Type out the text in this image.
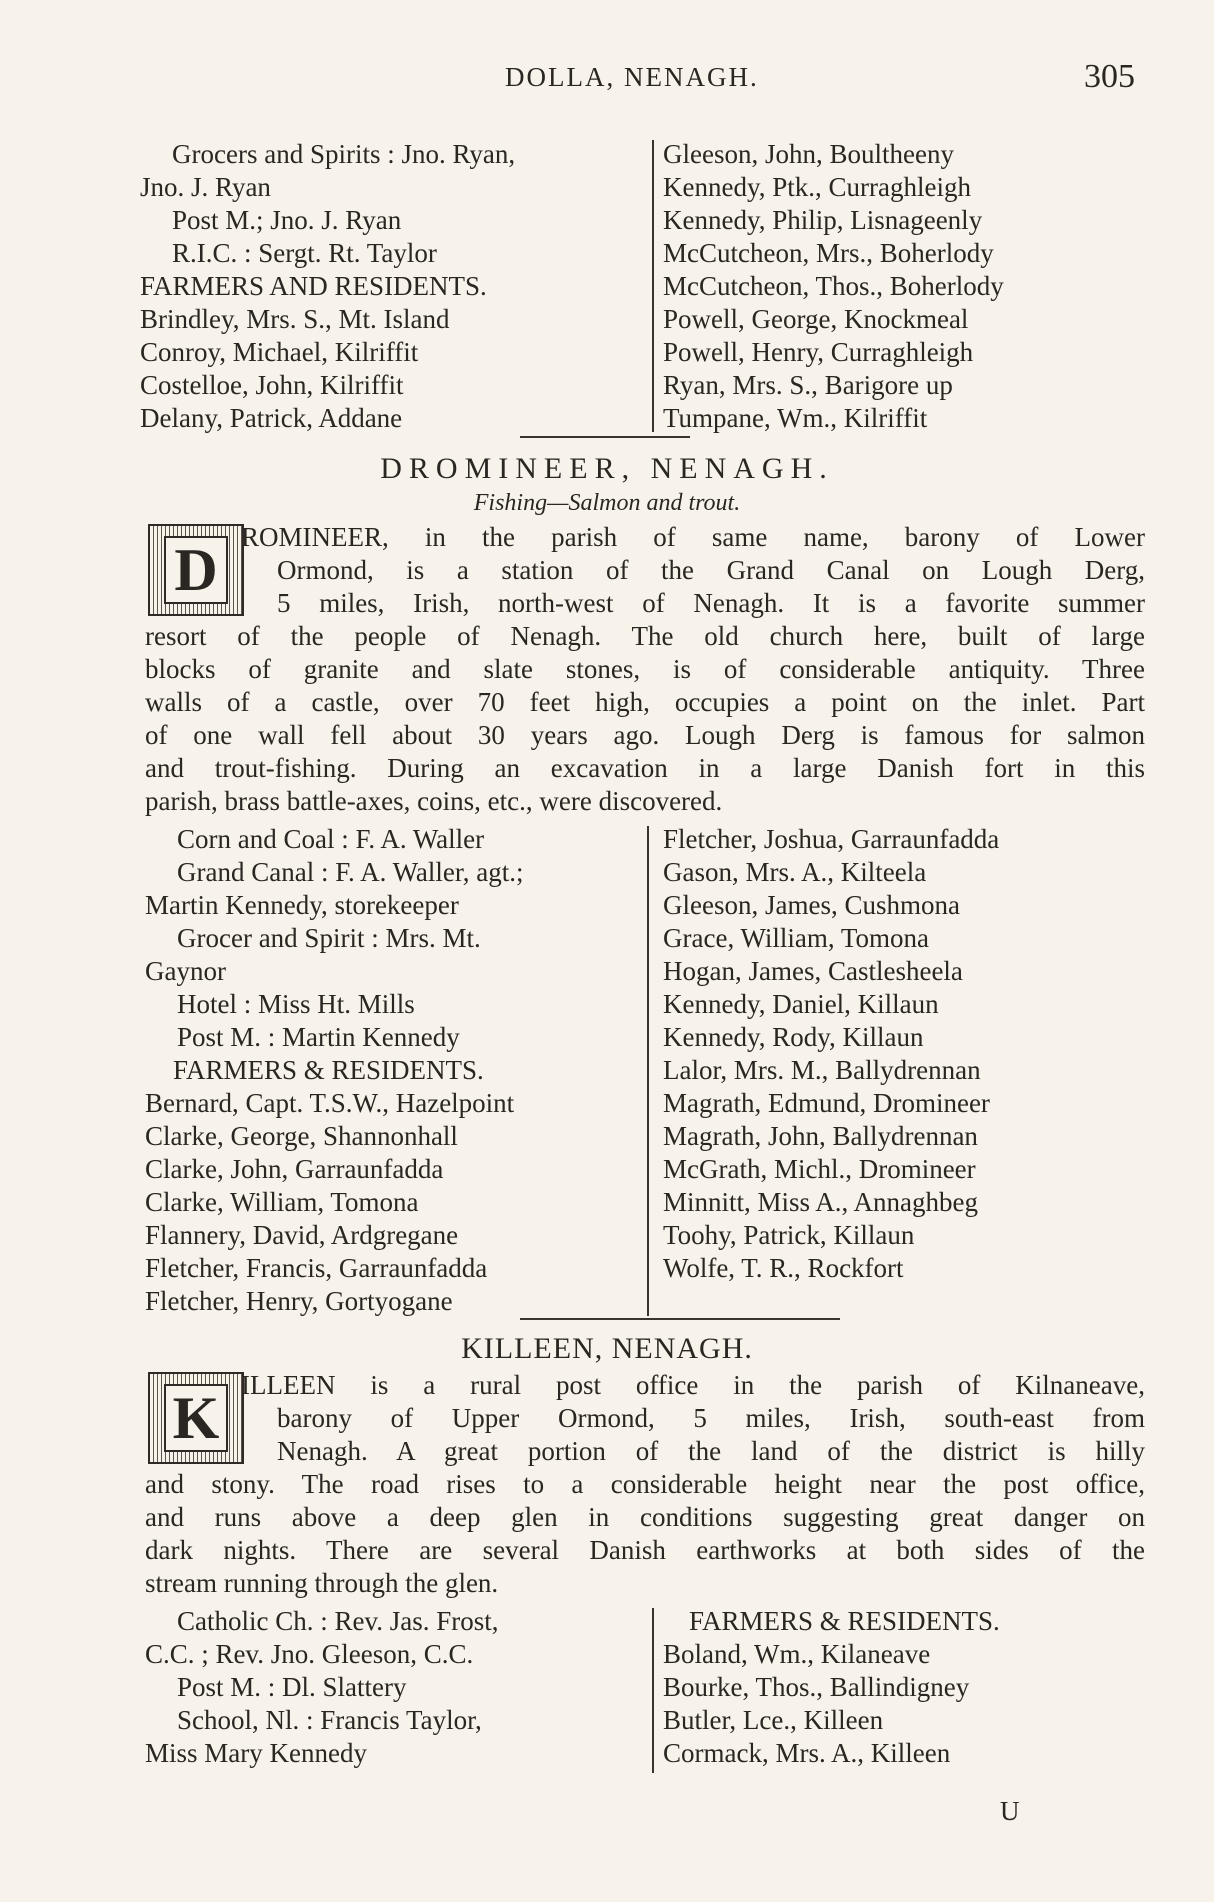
DOLLA, NENAGH.	305
Grocers and Spirits : Jno. Ryan,
Jno. J. Ryan
Post M.; Jno. J. Ryan
R.I.C. : Sergt. Rt. Taylor
FARMERS AND RESIDENTS.
Brindley, Mrs. S., Mt. Island
Conroy, Michael, Kilriffit
Costelloe, John, Kilriffit
Delany, Patrick, Addane
Gleeson, John, Boultheeny
Kennedy, Ptk., Curraghleigh
Kennedy, Philip, Lisnageenly
McCutcheon, Mrs., Boherlody
McCutcheon, Thos., Boherlody
Powell, George, Knockmeal
Powell, Henry, Curraghleigh
Ryan, Mrs. S., Barigore up
Tumpane, Wm., Kilriffit
DROMINEER, NENAGH.
Fishing—Salmon and trout.
D ROMINEER, in the parish of same name, barony of Lower
Ormond, is a station of the Grand Canal on Lough Derg,
5 miles, Irish, north-west of Nenagh. It is a favorite summer
resort of the people of Nenagh. The old church here, built of large
blocks of granite and slate stones, is of considerable antiquity. Three
walls of a castle, over 70 feet high, occupies a point on the inlet. Part
of one wall fell about 30 years ago. Lough Derg is famous for salmon
and trout-fishing. During an excavation in a large Danish fort in this
parish, brass battle-axes, coins, etc., were discovered.
Corn and Coal : F. A. Waller
Grand Canal : F. A. Waller, agt.;
Martin Kennedy, storekeeper
Grocer and Spirit : Mrs. Mt.
Gaynor
Hotel : Miss Ht. Mills
Post M. : Martin Kennedy
FARMERS & RESIDENTS.
Bernard, Capt. T.S.W., Hazelpoint
Clarke, George, Shannonhall
Clarke, John, Garraunfadda
Clarke, William, Tomona
Flannery, David, Ardgregane
Fletcher, Francis, Garraunfadda
Fletcher, Henry, Gortyogane
Fletcher, Joshua, Garraunfadda
Gason, Mrs. A., Kilteela
Gleeson, James, Cushmona
Grace, William, Tomona
Hogan, James, Castlesheela
Kennedy, Daniel, Killaun
Kennedy, Rody, Killaun
Lalor, Mrs. M., Ballydrennan
Magrath, Edmund, Dromineer
Magrath, John, Ballydrennan
McGrath, Michl., Dromineer
Minnitt, Miss A., Annaghbeg
Toohy, Patrick, Killaun
Wolfe, T. R., Rockfort
KILLEEN, NENAGH.
K ILLEEN is a rural post office in the parish of Kilnaneave,
barony of Upper Ormond, 5 miles, Irish, south-east from
Nenagh. A great portion of the land of the district is hilly
and stony. The road rises to a considerable height near the post office,
and runs above a deep glen in conditions suggesting great danger on
dark nights. There are several Danish earthworks at both sides of the
stream running through the glen.
Catholic Ch. : Rev. Jas. Frost,
C.C. ; Rev. Jno. Gleeson, C.C.
Post M. : Dl. Slattery
School, Nl. : Francis Taylor,
Miss Mary Kennedy
FARMERS & RESIDENTS.
Boland, Wm., Kilaneave
Bourke, Thos., Ballindigney
Butler, Lce., Killeen
Cormack, Mrs. A., Killeen
U
